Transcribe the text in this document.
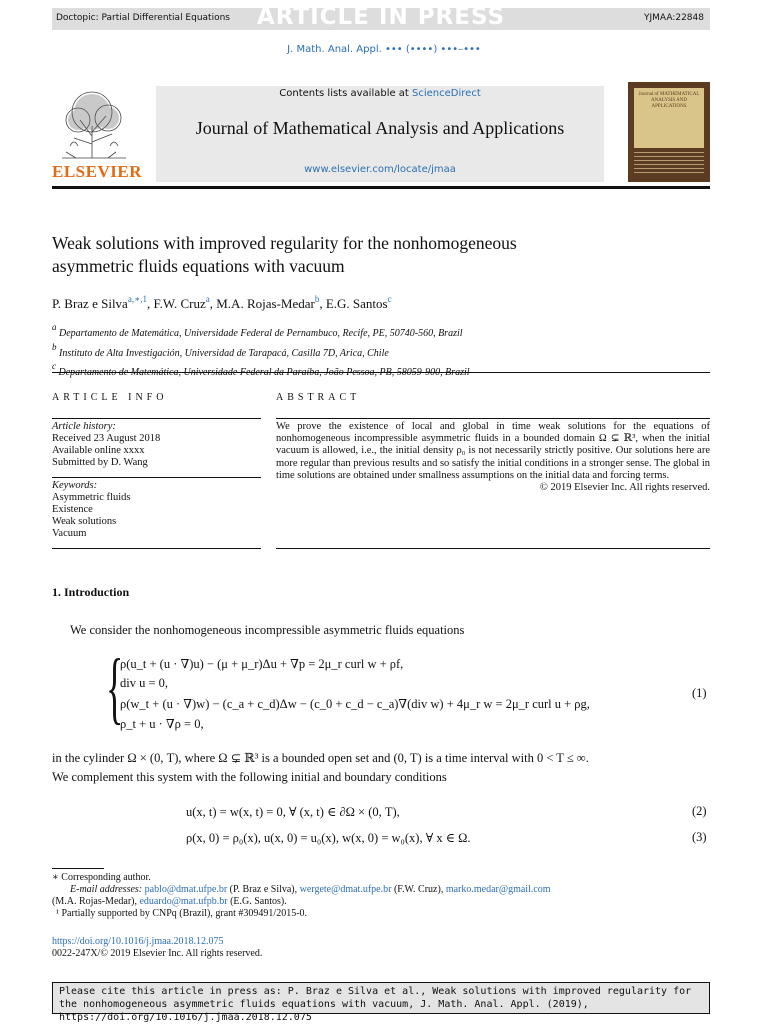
Doctopic: Partial Differential Equations	ARTICLE IN PRESS	YJMAA:22848
J. Math. Anal. Appl. ••• (••••) •••–•••
ELSEVIER
Contents lists available at ScienceDirect
Journal of Mathematical Analysis and Applications
www.elsevier.com/locate/jmaa
Journal of MATHEMATICAL ANALYSIS AND APPLICATIONS
Weak solutions with improved regularity for the nonhomogeneous
asymmetric fluids equations with vacuum
P. Braz e Silva$^{a,∗,1}$, F.W. Cruz$^a$, M.A. Rojas-Medar$^b$, E.G. Santos$^c$
$^a$ Departamento de Matemática, Universidade Federal de Pernambuco, Recife, PE, 50740-560, Brazil
$^b$ Instituto de Alta Investigación, Universidad de Tarapacá, Casilla 7D, Arica, Chile
$^c$
ARTICLE INFO	ABSTRACT
Article history:
Received 23 August 2018
Available online xxxx
Submitted by D. Wang
Keywords:
Asymmetric fluids
Existence
Weak solutions
Vacuum
We prove the existence of local and global in time weak solutions for the equations of nonhomogeneous incompressible asymmetric fluids in a bounded domain Ω ⊊ ℝ³, when the initial vacuum is allowed, i.e., the initial density ρ₀ is not necessarily strictly positive. Our solutions here are more regular than previous results and so satisfy the initial conditions in a stronger sense. The global in time solutions are obtained under smallness assumptions on the initial data and forcing terms.
© 2019 Elsevier Inc. All rights reserved.
1. Introduction
We consider the nonhomogeneous incompressible asymmetric fluids equations
{
ρ(u_t + (u · ∇)u) − (μ + μ_r)Δu + ∇p = 2μ_r curl w + ρf,
div u = 0,
ρ(w_t + (u · ∇)w) − (c_a + c_d)Δw − (c_0 + c_d − c_a)∇(div w) + 4μ_r w = 2μ_r curl u + ρg,
ρ_t + u · ∇ρ = 0,
(1)
in the cylinder Ω × (0, T), where Ω ⊊ ℝ³ is a bounded open set and (0, T) is a time interval with 0 < T ≤ ∞.
We complement this system with the following initial and boundary conditions
u(x, t) = w(x, t) = 0, ∀ (x, t) ∈ ∂Ω × (0, T),	(2)
ρ(x, 0) = ρ₀(x), u(x, 0) = u₀(x), w(x, 0) = w₀(x), ∀ x ∈ Ω.	(3)
∗ Corresponding author.
E-mail addresses: pablo@dmat.ufpe.br (P. Braz e Silva), wergete@dmat.ufpe.br (F.W. Cruz), marko.medar@gmail.com
(M.A. Rojas-Medar), eduardo@mat.ufpb.br (E.G. Santos).
¹ Partially supported by CNPq (Brazil), grant #309491/2015-0.
https://doi.org/10.1016/j.jmaa.2018.12.075
0022-247X/© 2019 Elsevier Inc. All rights reserved.
Please cite this article in press as: P. Braz e Silva et al., Weak solutions with improved regularity for the nonhomogeneous asymmetric fluids equations with vacuum, J. Math. Anal. Appl. (2019), https://doi.org/10.1016/j.jmaa.2018.12.075
